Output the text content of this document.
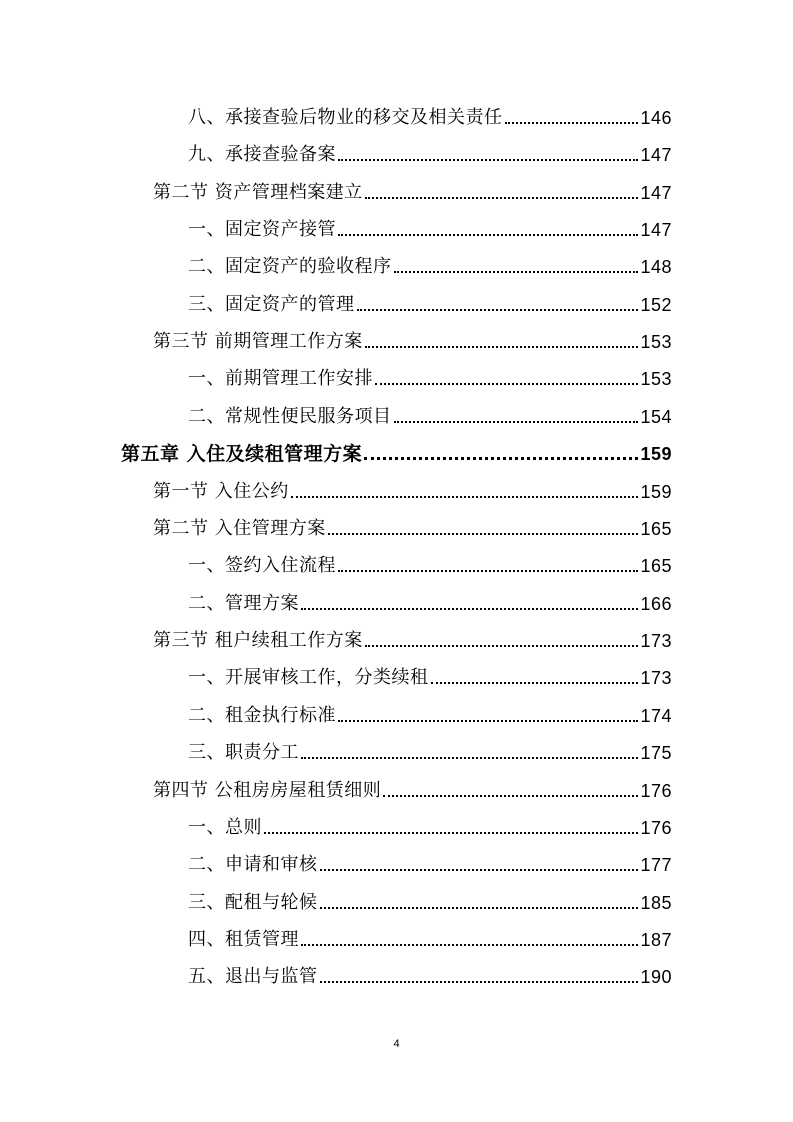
八、承接查验后物业的移交及相关责任	146
九、承接查验备案	147
第二节 资产管理档案建立	147
一、固定资产接管	147
二、固定资产的验收程序	148
三、固定资产的管理	152
第三节 前期管理工作方案	153
一、前期管理工作安排	153
二、常规性便民服务项目	154
第五章 入住及续租管理方案	159
第一节 入住公约	159
第二节 入住管理方案	165
一、签约入住流程	165
二、管理方案	166
第三节 租户续租工作方案	173
一、开展审核工作，分类续租	173
二、租金执行标准	174
三、职责分工	175
第四节 公租房房屋租赁细则	176
一、总则	176
二、申请和审核	177
三、配租与轮候	185
四、租赁管理	187
五、退出与监管	190
4
